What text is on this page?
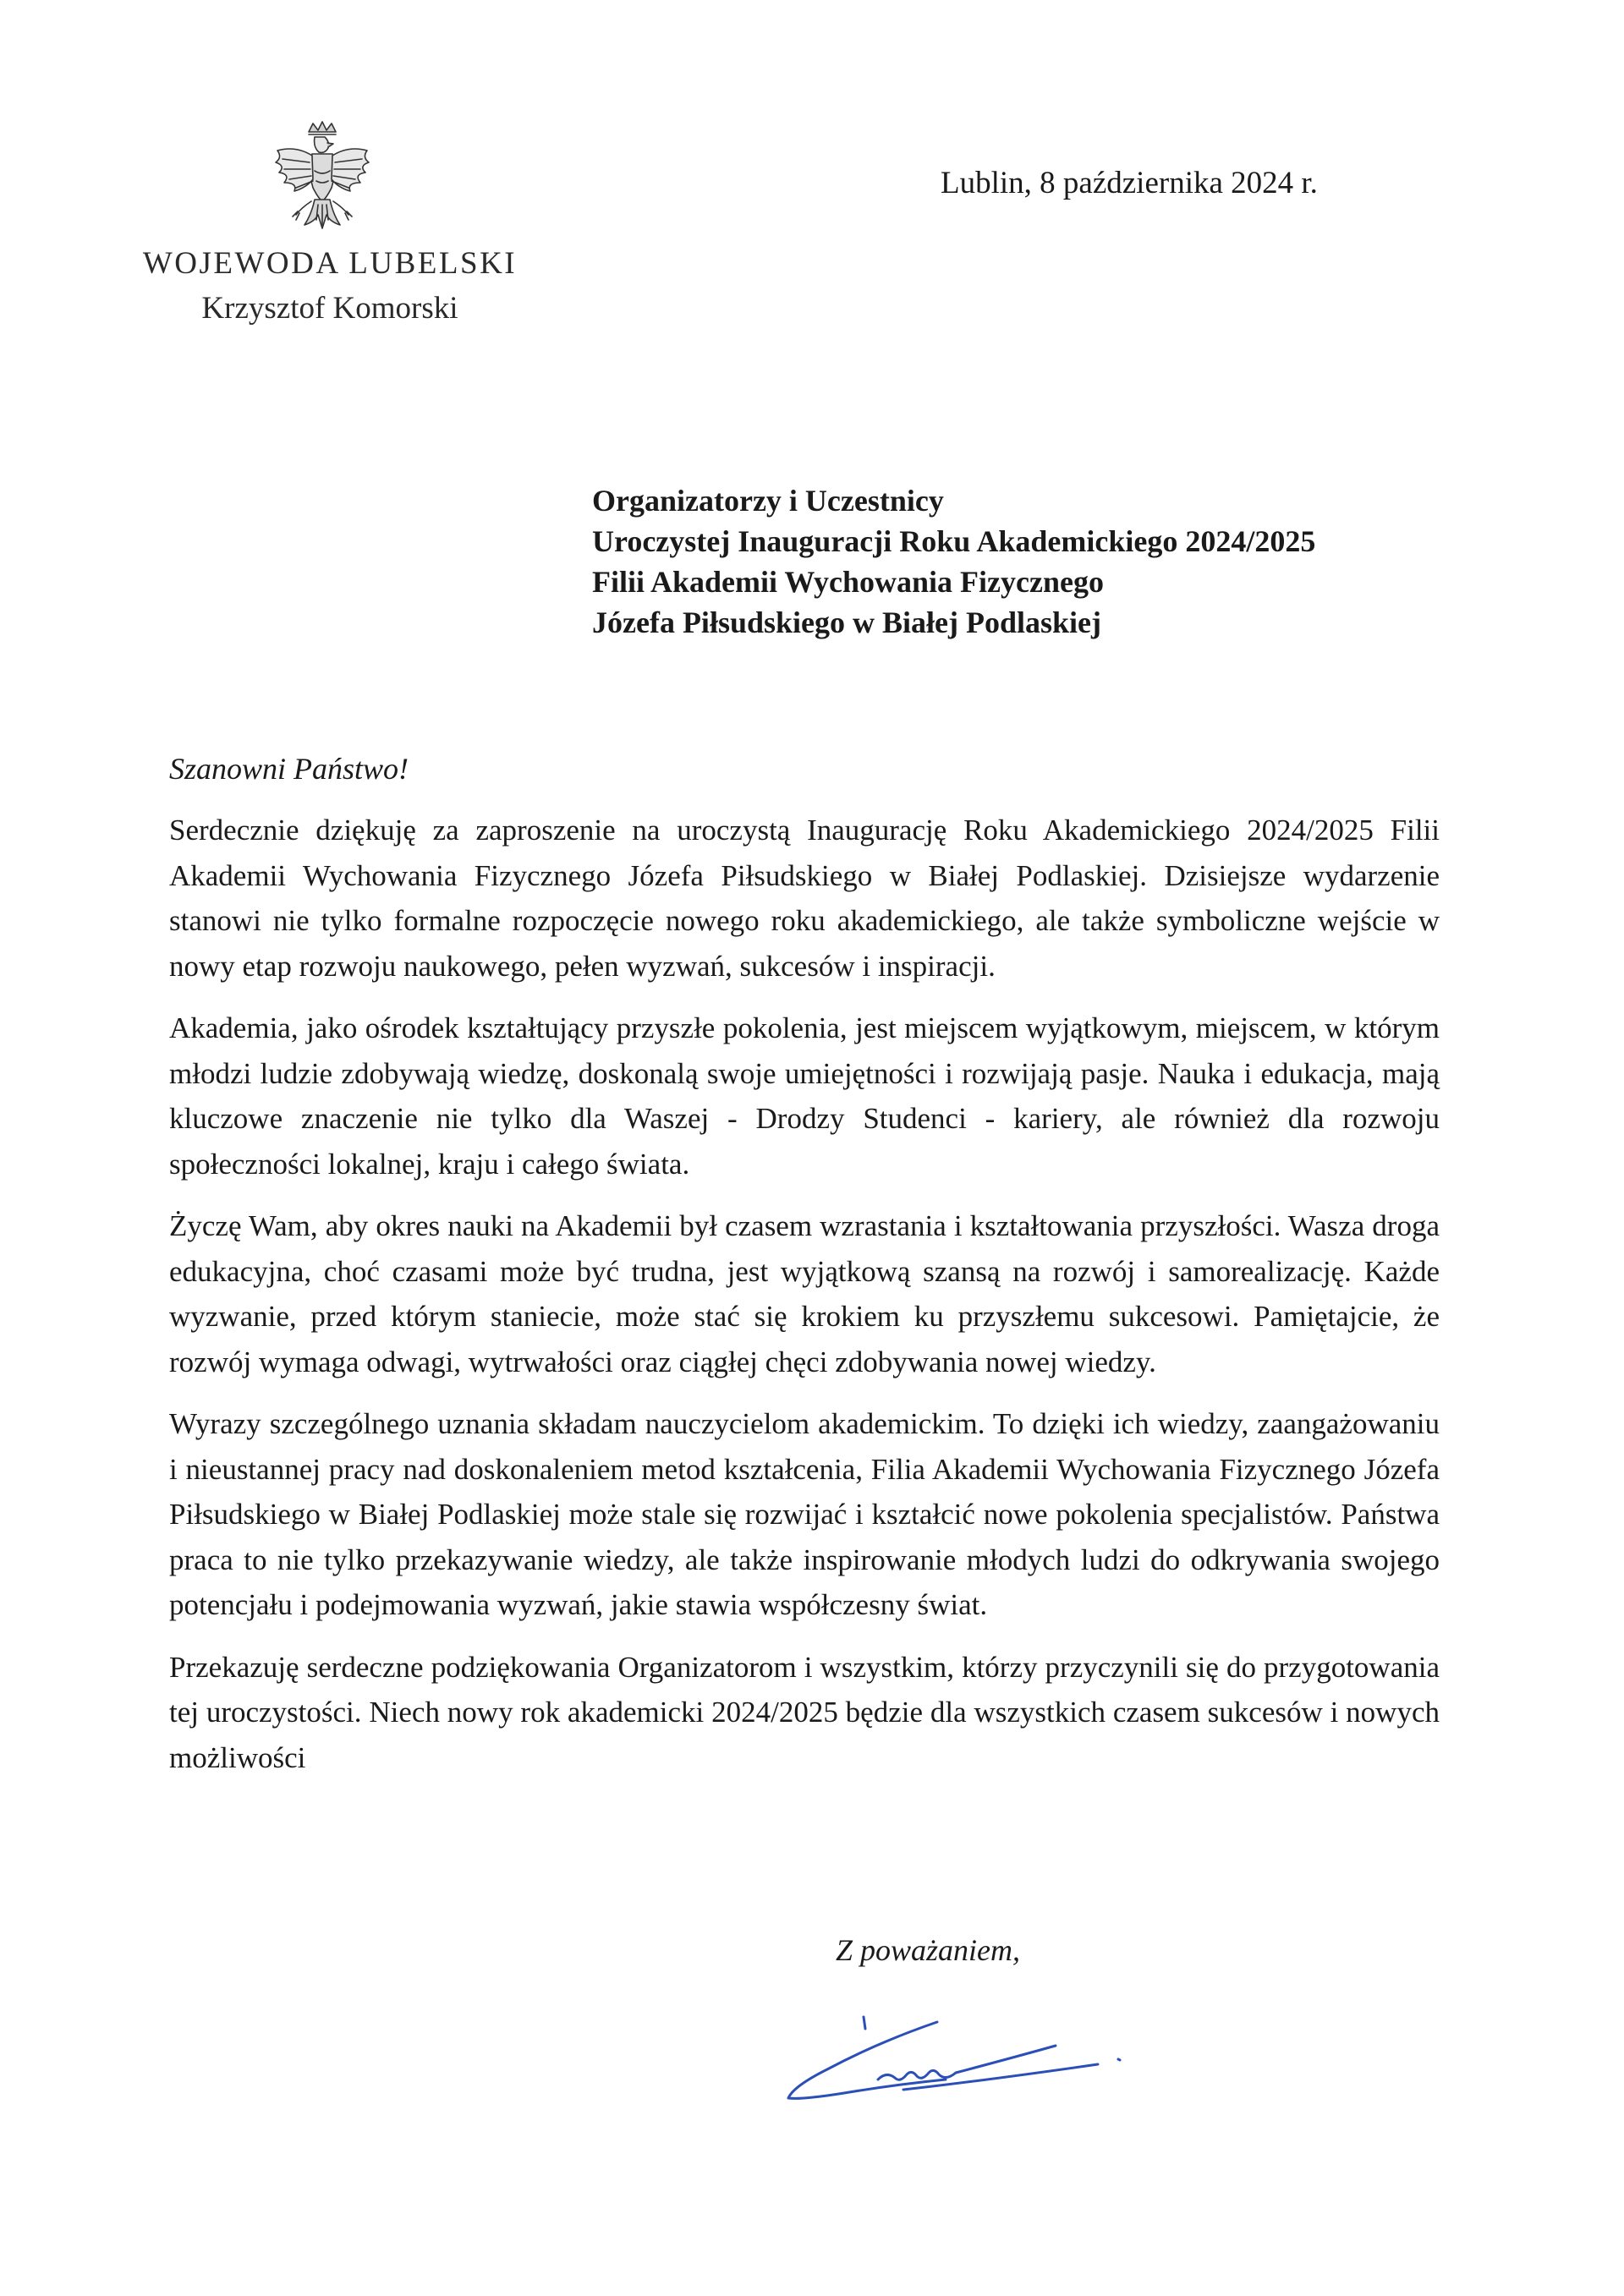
WOJEWODA LUBELSKI
Krzysztof Komorski
Lublin, 8 października 2024 r.
Organizatorzy i Uczestnicy
Uroczystej Inauguracji Roku Akademickiego 2024/2025
Filii Akademii Wychowania Fizycznego
Józefa Piłsudskiego w Białej Podlaskiej
Szanowni Państwo!

Serdecznie dziękuję za zaproszenie na uroczystą Inaugurację Roku Akademickiego 2024/2025 Filii Akademii Wychowania Fizycznego Józefa Piłsudskiego w Białej Podlaskiej. Dzisiejsze wydarzenie stanowi nie tylko formalne rozpoczęcie nowego roku akademickiego, ale także symboliczne wejście w nowy etap rozwoju naukowego, pełen wyzwań, sukcesów i inspiracji.

Akademia, jako ośrodek kształtujący przyszłe pokolenia, jest miejscem wyjątkowym, miejscem, w którym młodzi ludzie zdobywają wiedzę, doskonalą swoje umiejętności i rozwijają pasje. Nauka i edukacja, mają kluczowe znaczenie nie tylko dla Waszej - Drodzy Studenci - kariery, ale również dla rozwoju społeczności lokalnej, kraju i całego świata.

Życzę Wam, aby okres nauki na Akademii był czasem wzrastania i kształtowania przyszłości. Wasza droga edukacyjna, choć czasami może być trudna, jest wyjątkową szansą na rozwój i samorealizację. Każde wyzwanie, przed którym staniecie, może stać się krokiem ku przyszłemu sukcesowi. Pamiętajcie, że rozwój wymaga odwagi, wytrwałości oraz ciągłej chęci zdobywania nowej wiedzy.

Wyrazy szczególnego uznania składam nauczycielom akademickim. To dzięki ich wiedzy, zaangażowaniu i nieustannej pracy nad doskonaleniem metod kształcenia, Filia Akademii Wychowania Fizycznego Józefa Piłsudskiego w Białej Podlaskiej może stale się rozwijać i kształcić nowe pokolenia specjalistów. Państwa praca to nie tylko przekazywanie wiedzy, ale także inspirowanie młodych ludzi do odkrywania swojego potencjału i podejmowania wyzwań, jakie stawia współczesny świat.

Przekazuję serdeczne podziękowania Organizatorom i wszystkim, którzy przyczynili się do przygotowania tej uroczystości. Niech nowy rok akademicki 2024/2025 będzie dla wszystkich czasem sukcesów i nowych możliwości

Z poważaniem,
